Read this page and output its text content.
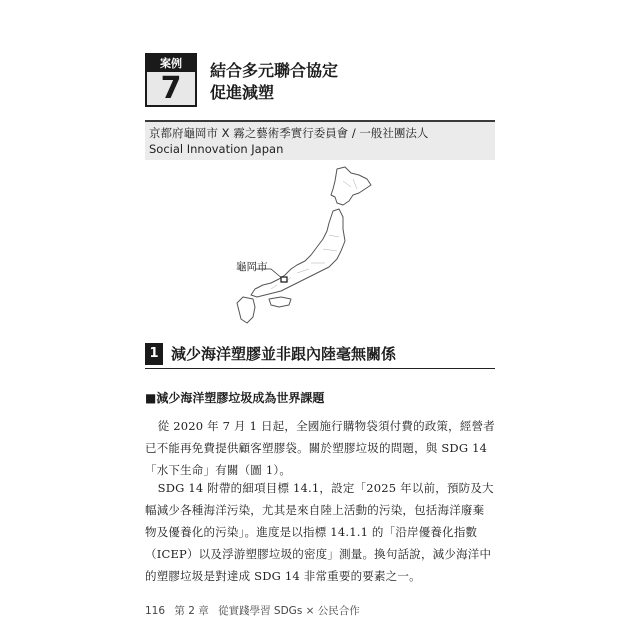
案例
7
結合多元聯合協定
促進減塑
京都府龜岡市 X 霧之藝術季實行委員會 / 一般社團法人
Social Innovation Japan
龜岡市
1 減少海洋塑膠並非跟內陸毫無關係
■減少海洋塑膠垃圾成為世界課題

從 2020 年 7 月 1 日起，全國施行購物袋須付費的政策，經營者已不能再免費提供顧客塑膠袋。關於塑膠垃圾的問題，與 SDG 14「水下生命」有關（圖 1）。

SDG 14 附帶的細項目標 14.1，設定「2025 年以前，預防及大幅減少各種海洋污染，尤其是來自陸上活動的污染，包括海洋廢棄物及優養化的污染」。進度是以指標 14.1.1 的「沿岸優養化指數（ICEP）以及浮游塑膠垃圾的密度」測量。換句話說，減少海洋中的塑膠垃圾是對達成 SDG 14 非常重要的要素之一。

116 第 2 章 從實踐學習 SDGs × 公民合作
